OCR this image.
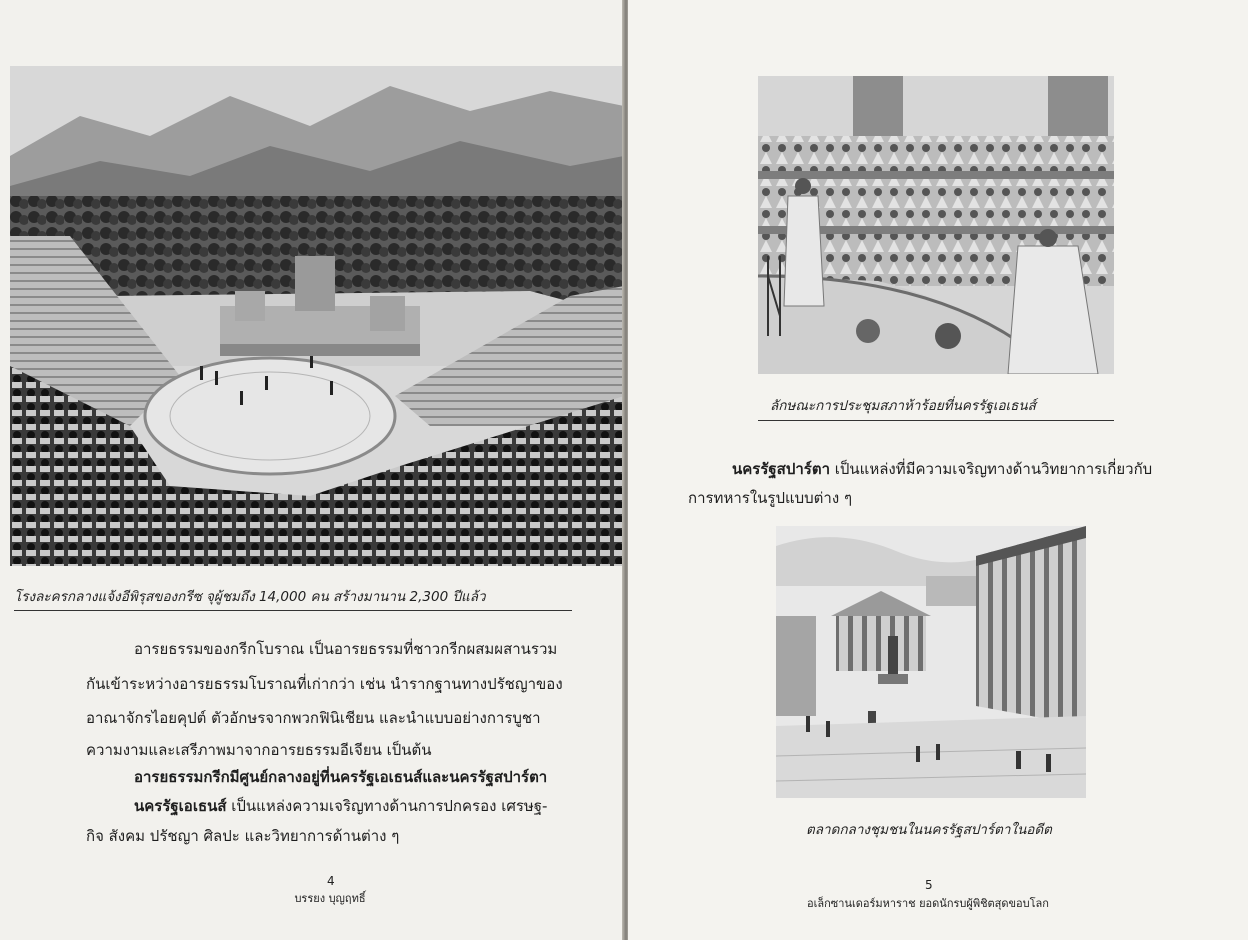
โรงละครกลางแจ้งอีพิรุสของกรีซ จุผู้ชมถึง 14,000 คน สร้างมานาน 2,300 ปีแล้ว
อารยธรรมของกรีกโบราณ เป็นอารยธรรมที่ชาวกรีกผสมผสานรวม
กันเข้าระหว่างอารยธรรมโบราณที่เก่ากว่า เช่น นำรากฐานทางปรัชญาของ
อาณาจักรไอยคุปต์ ตัวอักษรจากพวกฟินิเชียน และนำแบบอย่างการบูชา
ความงามและเสรีภาพมาจากอารยธรรมอีเจียน เป็นต้น
อารยธรรมกรีกมีศูนย์กลางอยู่ที่นครรัฐเอเธนส์และนครรัฐสปาร์ตา
นครรัฐเอเธนส์ เป็นแหล่งความเจริญทางด้านการปกครอง เศรษฐ-
กิจ สังคม ปรัชญา ศิลปะ และวิทยาการด้านต่าง ๆ
4
บรรยง บุญฤทธิ์
ลักษณะการประชุมสภาห้าร้อยที่นครรัฐเอเธนส์
นครรัฐสปาร์ตา เป็นแหล่งที่มีความเจริญทางด้านวิทยาการเกี่ยวกับ
การทหารในรูปแบบต่าง ๆ
ตลาดกลางชุมชนในนครรัฐสปาร์ตาในอดีต
5
อเล็กซานเดอร์มหาราช ยอดนักรบผู้พิชิตสุดขอบโลก
